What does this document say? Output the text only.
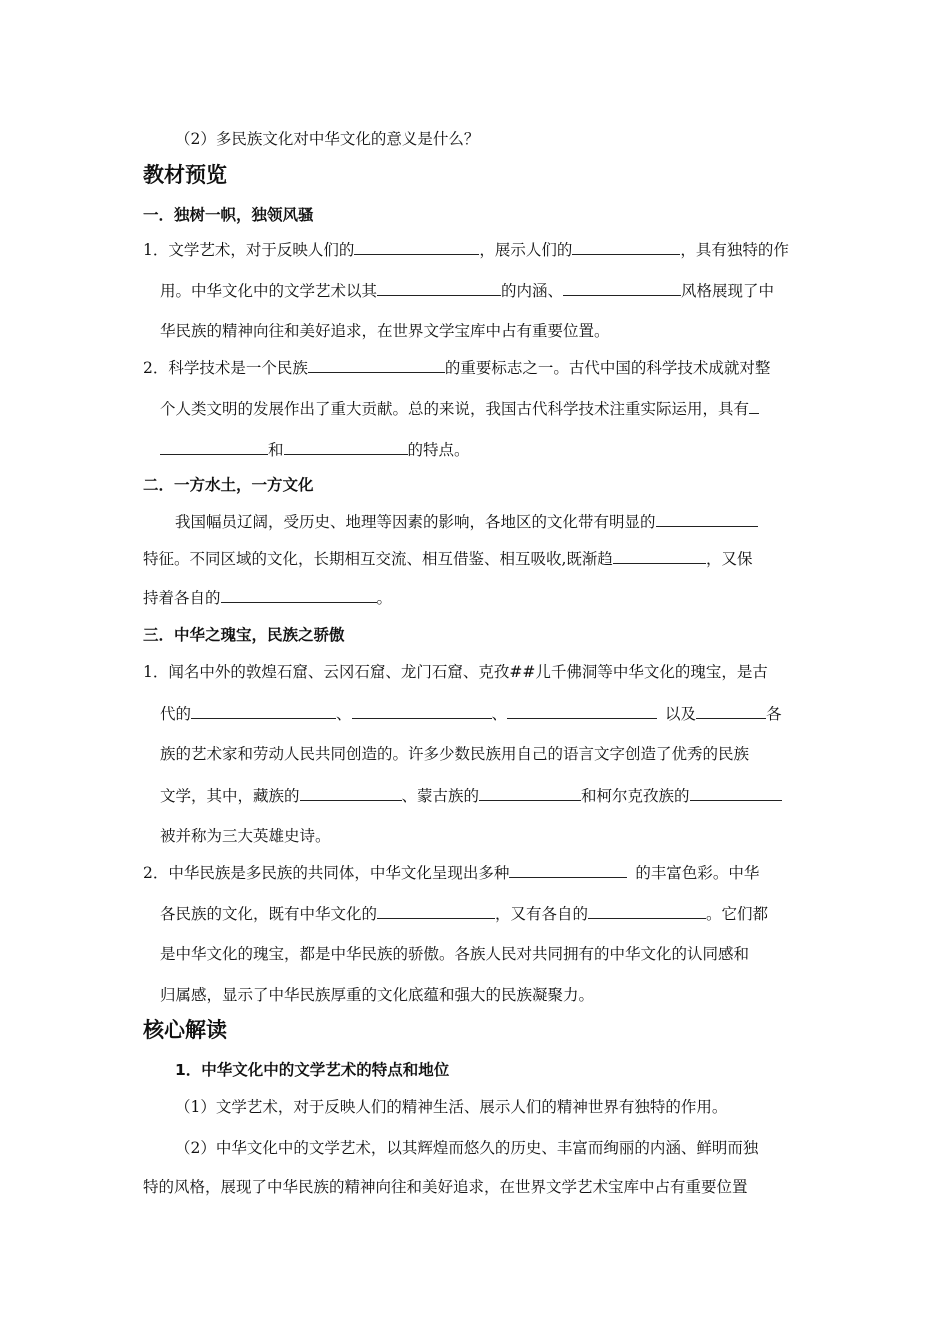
（2）多民族文化对中华文化的意义是什么？
教材预览
一．独树一帜，独领风骚
1．文学艺术，对于反映人们的	，展示人们的	，具有独特的作
用。中华文化中的文学艺术以其	的内涵、	风格展现了中
华民族的精神向往和美好追求，在世界文学宝库中占有重要位置。
2．科学技术是一个民族	的重要标志之一。古代中国的科学技术成就对整
个人类文明的发展作出了重大贡献。总的来说，我国古代科学技术注重实际运用，具有
和	的特点。
二．一方水土，一方文化
我国幅员辽阔，受历史、地理等因素的影响，各地区的文化带有明显的
特征。不同区域的文化，长期相互交流、相互借鉴、相互吸收,既渐趋	，又保
持着各自的	。
三．中华之瑰宝，民族之骄傲
1．闻名中外的敦煌石窟、云冈石窟、龙门石窟、克孜##儿千佛洞等中华文化的瑰宝，是古
代的	、	、	以及	各
族的艺术家和劳动人民共同创造的。许多少数民族用自己的语言文字创造了优秀的民族
文学，其中，藏族的	、蒙古族的	和柯尔克孜族的
被并称为三大英雄史诗。
2．中华民族是多民族的共同体，中华文化呈现出多种	的丰富色彩。中华
各民族的文化，既有中华文化的	，又有各自的	。它们都
是中华文化的瑰宝，都是中华民族的骄傲。各族人民对共同拥有的中华文化的认同感和
归属感，显示了中华民族厚重的文化底蕴和强大的民族凝聚力。
核心解读
1．中华文化中的文学艺术的特点和地位
（1）文学艺术，对于反映人们的精神生活、展示人们的精神世界有独特的作用。
（2）中华文化中的文学艺术，以其辉煌而悠久的历史、丰富而绚丽的内涵、鲜明而独
特的风格，展现了中华民族的精神向往和美好追求，在世界文学艺术宝库中占有重要位置
